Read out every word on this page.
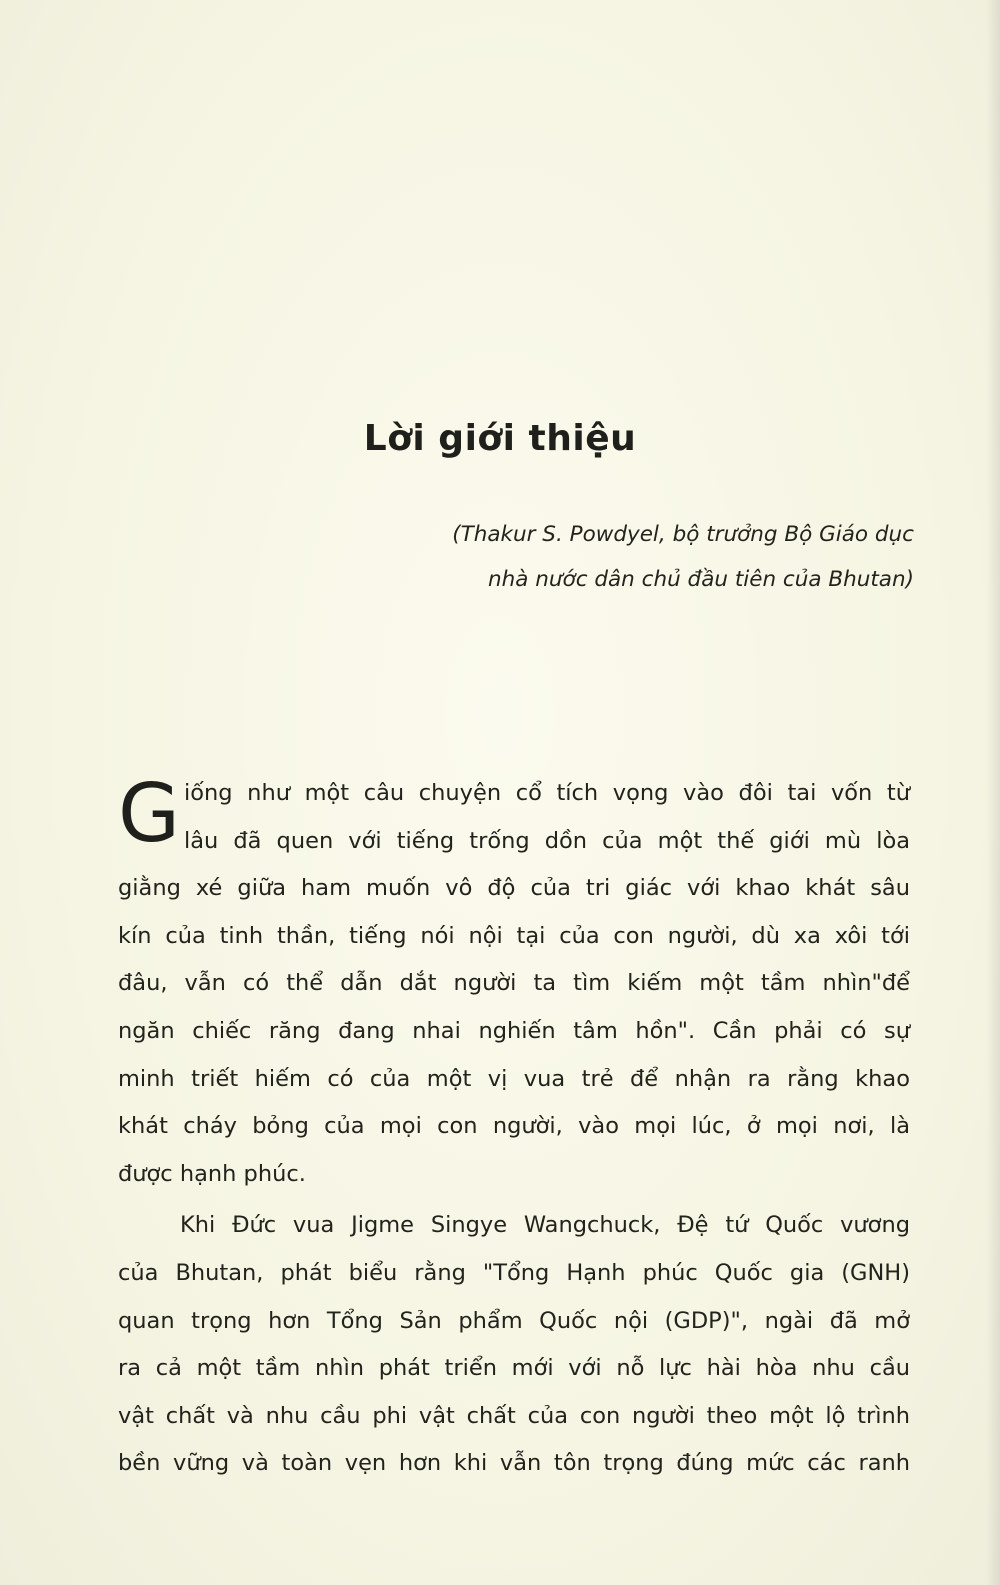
Lời giới thiệu
(Thakur S. Powdyel, bộ trưởng Bộ Giáo dục
nhà nước dân chủ đầu tiên của Bhutan)
G iống như một câu chuyện cổ tích vọng vào đôi tai vốn từ
lâu đã quen với tiếng trống dồn của một thế giới mù lòa
giằng xé giữa ham muốn vô độ của tri giác với khao khát sâu
kín của tinh thần, tiếng nói nội tại của con người, dù xa xôi tới
đâu, vẫn có thể dẫn dắt người ta tìm kiếm một tầm nhìn"để
ngăn chiếc răng đang nhai nghiến tâm hồn". Cần phải có sự
minh triết hiếm có của một vị vua trẻ để nhận ra rằng khao
khát cháy bỏng của mọi con người, vào mọi lúc, ở mọi nơi, là
được hạnh phúc.
Khi Đức vua Jigme Singye Wangchuck, Đệ tứ Quốc vương
của Bhutan, phát biểu rằng "Tổng Hạnh phúc Quốc gia (GNH)
quan trọng hơn Tổng Sản phẩm Quốc nội (GDP)", ngài đã mở
ra cả một tầm nhìn phát triển mới với nỗ lực hài hòa nhu cầu
vật chất và nhu cầu phi vật chất của con người theo một lộ trình
bền vững và toàn vẹn hơn khi vẫn tôn trọng đúng mức các ranh
